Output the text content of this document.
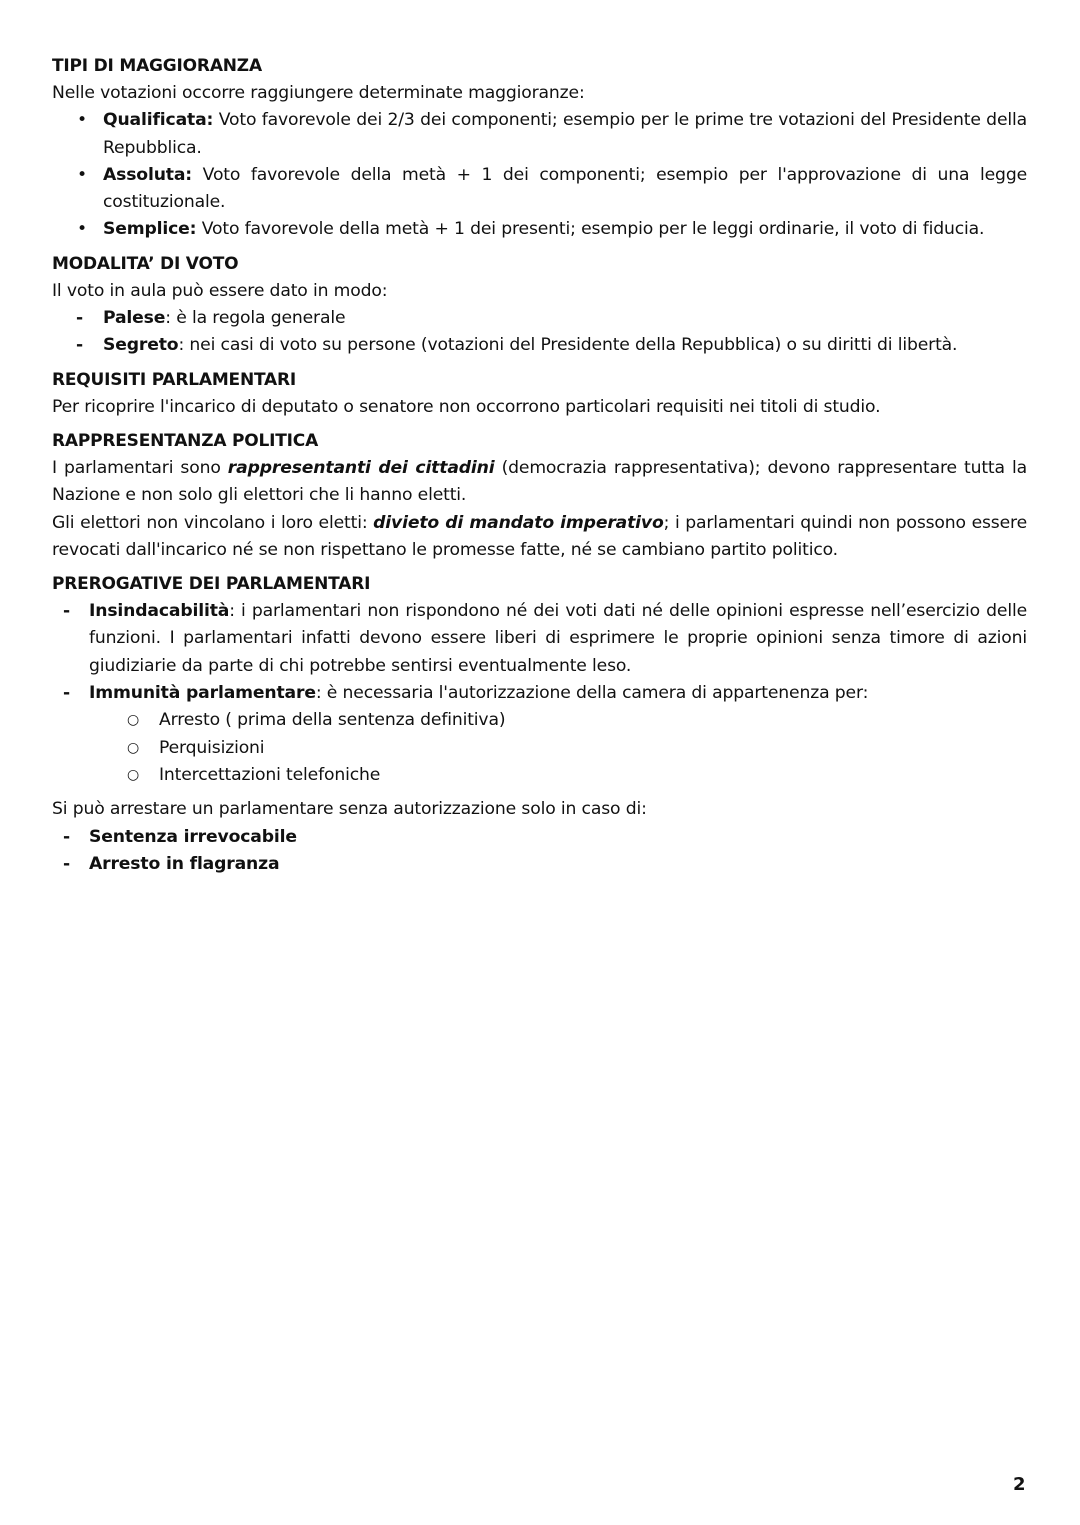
TIPI DI MAGGIORANZA

Nelle votazioni occorre raggiungere determinate maggioranze:

• Qualificata: Voto favorevole dei 2/3 dei componenti; esempio per le prime tre votazioni del Presidente della Repubblica.
• Assoluta: Voto favorevole della metà + 1 dei componenti; esempio per l'approvazione di una legge costituzionale.
• Semplice: Voto favorevole della metà + 1 dei presenti; esempio per le leggi ordinarie, il voto di fiducia.
MODALITA’ DI VOTO

Il voto in aula può essere dato in modo:

- Palese: è la regola generale
- Segreto: nei casi di voto su persone (votazioni del Presidente della Repubblica) o su diritti di libertà.
REQUISITI PARLAMENTARI

Per ricoprire l'incarico di deputato o senatore non occorrono particolari requisiti nei titoli di studio.

RAPPRESENTANZA POLITICA

I parlamentari sono rappresentanti dei cittadini (democrazia rappresentativa); devono rappresentare tutta la Nazione e non solo gli elettori che li hanno eletti.

Gli elettori non vincolano i loro eletti: divieto di mandato imperativo; i parlamentari quindi non possono essere revocati dall'incarico né se non rispettano le promesse fatte, né se cambiano partito politico.

PREROGATIVE DEI PARLAMENTARI
- Insindacabilità: i parlamentari non rispondono né dei voti dati né delle opinioni espresse nell’esercizio delle funzioni. I parlamentari infatti devono essere liberi di esprimere le proprie opinioni senza timore di azioni giudiziarie da parte di chi potrebbe sentirsi eventualmente leso.
- Immunità parlamentare: è necessaria l'autorizzazione della camera di appartenenza per:
○ Arresto ( prima della sentenza definitiva)
○ Perquisizioni
○ Intercettazioni telefoniche

Si può arrestare un parlamentare senza autorizzazione solo in caso di:

- Sentenza irrevocabile
- Arresto in flagranza
2
